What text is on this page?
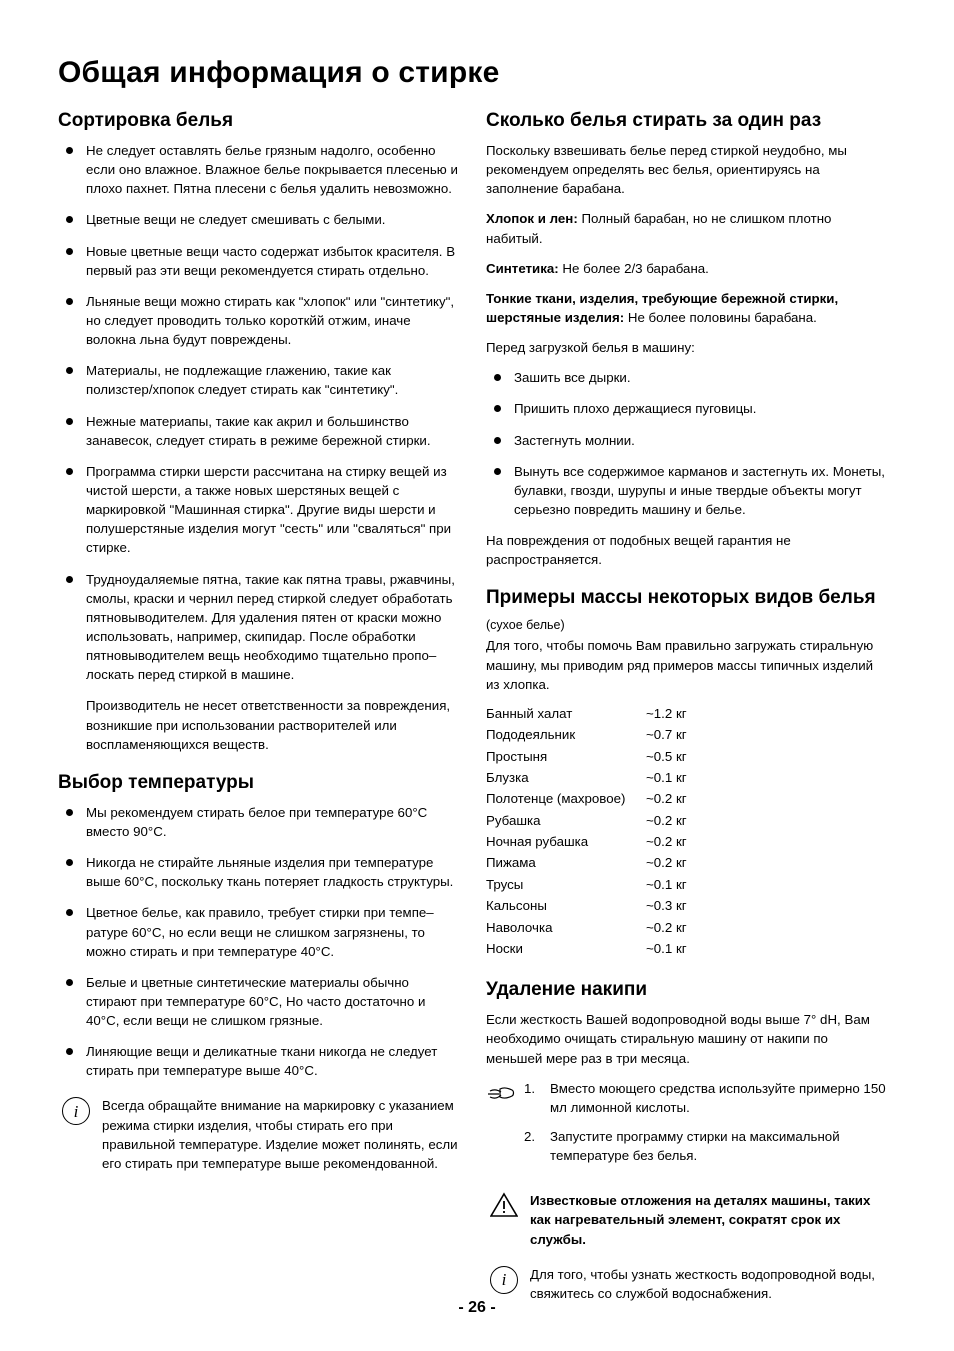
Общая информация о стирке
Сортировка белья
Не следует оставлять белье грязным надолго, особенно если оно влажное. Влажное белье покрывается плесенью и плохо пахнет. Пятна плесени с белья удалить невозможно.
Цветные вещи не следует смешивать с белыми.
Новые цветные вещи часто содержат избыток красителя. В первый раз эти вещи рекомендуется стирать отдельно.
Льняные вещи можно стирать как ʺхлопокʺ или ʺсинтетикуʺ, но следует проводить только короткйй отжим, иначе волокна льна будут повреждены.
Материалы, не подлежащие глажению, такие как полизстер/хпопок следует стирать как ʺсинтетикуʺ.
Нежные материапы, такие как акрил и большинство занавесок, следует стирать в режиме бережной стирки.
Программа стирки шерсти рассчитана на стирку вещей из чистой шерсти, а также новых шерстяных вещей с маркировкой ʺМашинная стиркаʺ. Другие виды шерсти и полушерстяные изделия могут ʺсестьʺ или ʺсвалятьсяʺ при стирке.
Трудноудаляемые пятна, такие как пятна травы, ржавчины, смолы, краски и чернил перед стиркой следует обработать пятновыводителем. Для удаления пятен от краски можно использовать, например, скипидар. После обработки пятновыводителем вещь необходимо тщательно пропо–лоскать перед стиркой в машине.

Производитель не несет ответственности за повреждения, возникшие при использовании растворителей или воспламеняющихся веществ.

Выбор температуры
Мы рекомендуем стирать белое при температуре 60°C вместо 90°C.
Никогда не стирайте льняные изделия при температуре выше 60°C, поскольку ткань потеряет гладкость структуры.
Цветное белье, как правило, требует стирки при темпе–ратуре 60°C, но если вещи не слишком загрязнены, то можно стирать и при температуре 40°C.
Белые и цветные синтетические материалы обычно стирают при температуре 60°C, Но часто достаточно и 40°C, если вещи не слишком грязные.
Линяющие вещи и деликатные ткани никогда не следует стирать при температуре выше 40°C.
i	Всегда обращайте внимание на маркировку с указанием режима стирки изделия, чтобы стирать его при правильной температуре. Изделие может полинять, если его стирать при температуре выше рекомендованной.
Сколько белья стирать за один раз

Поскольку взвешивать белье перед стиркой неудобно, мы рекомендуем определять вес белья, ориентируясь на заполнение барабана.

Хлопок и лен: Полный барабан, но не слишком плотно набитый.

Синтетика: Не более 2/3 барабана.

Тонкие ткани, изделия, требующие бережной стирки, шерстяные изделия: Не более половины барабана.

Перед загрузкой белья в машину:

Зашить все дырки.
Пришить плохо держащиеся пуговицы.
Застегнуть молнии.
Вынуть все содержимое карманов и застегнуть их. Монеты, булавки, гвозди, шурупы и иные твердые объекты могут серьезно повредить машину и белье.

На повреждения от подобных вещей гарантия не распространяется.

Примеры массы некоторых видов белья

(сухое белье)

Для того, чтобы помочь Вам правильно загружать стиральную машину, мы приводим ряд примеров массы типичных изделий из хлопка.

Банный халат	~1.2 кг
Пододеяльник	~0.7 кг
Простыня	~0.5 кг
Блузка	~0.1 кг
Полотенце (махровое)	~0.2 кг
Рубашка	~0.2 кг
Ночная рубашка	~0.2 кг
Пижама	~0.2 кг
Трусы	~0.1 кг
Кальсоны	~0.3 кг
Наволочка	~0.2 кг
Носки	~0.1 кг
Удаление накипи

Если жесткость Вашей водопроводной воды выше 7° dH, Вам необходимо очищать стиральную машину от накипи по меньшей мере раз в три месяца.

1. Вместо моющего средства используйте примерно 150 мл лимонной кислоты.
2. Запустите программу стирки на максимальной температуре без белья.
Известковые отложения на деталях машины, таких как нагревательный элемент, сократят срок их службы.
i	Для того, чтобы узнать жесткость водопроводной воды, свяжитесь со службой водоснабжения.
- 26 -
